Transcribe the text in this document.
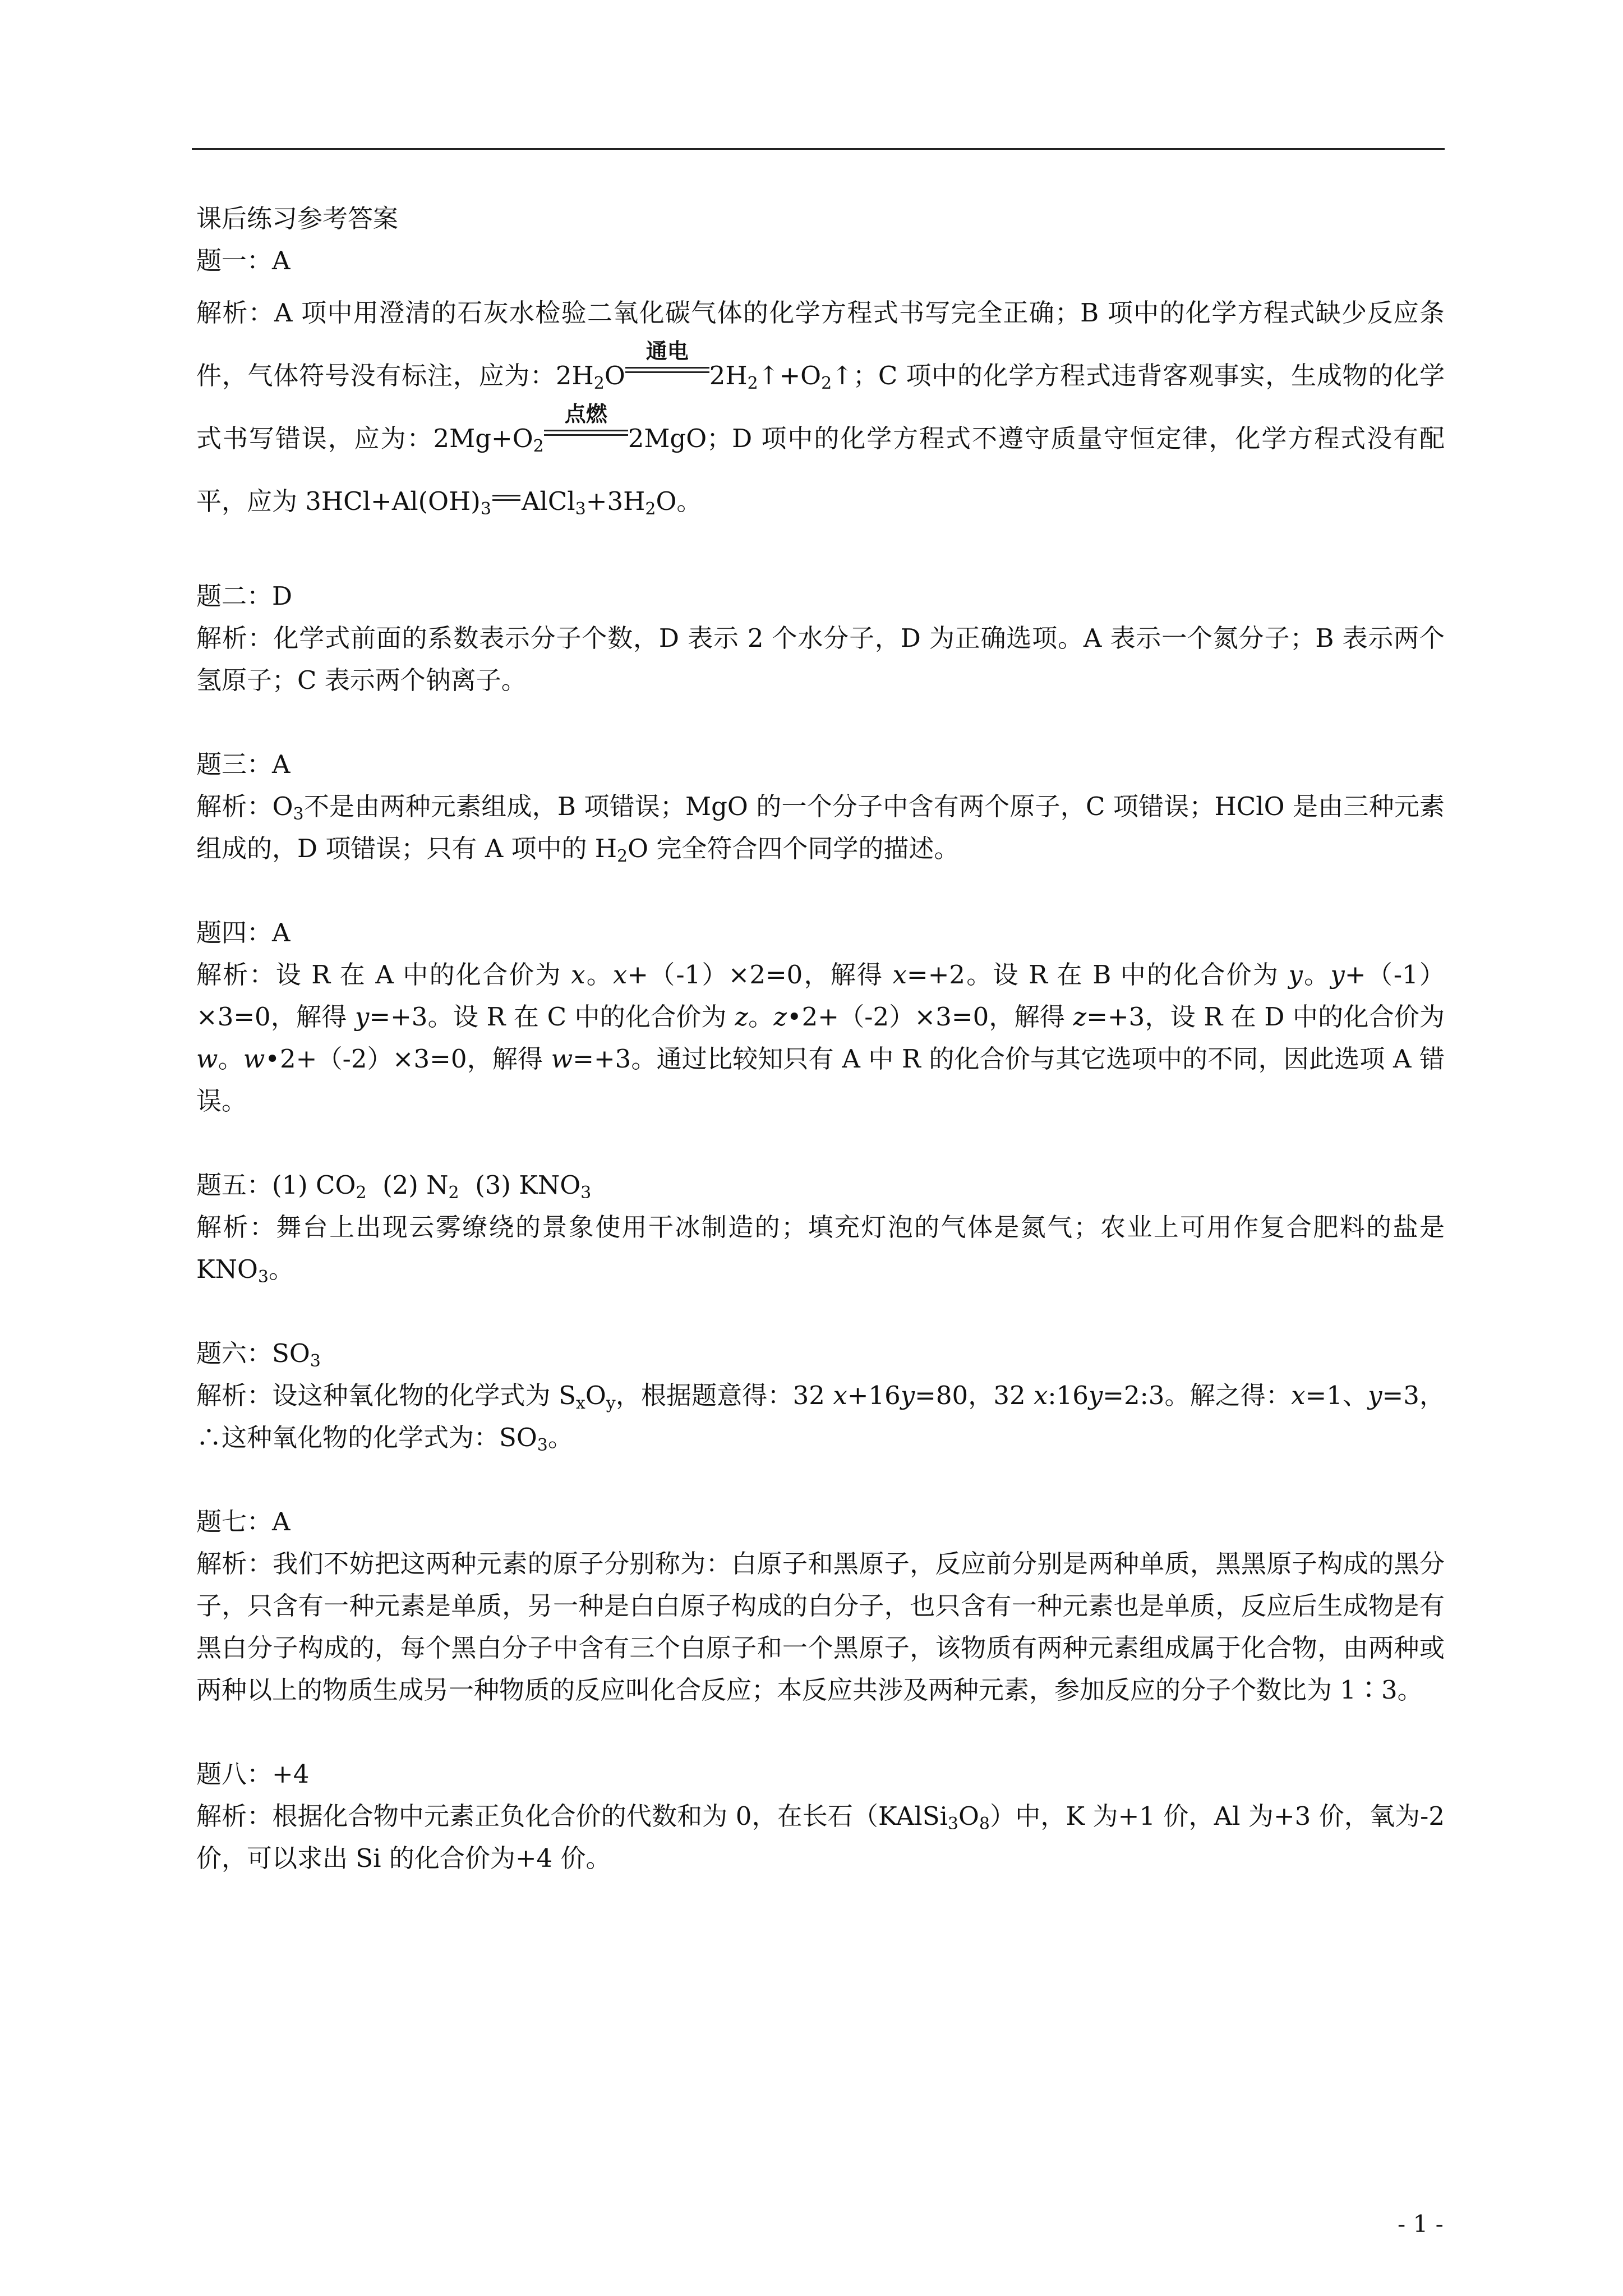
课后练习参考答案

题一：A

解析：A 项中用澄清的石灰水检验二氧化碳气体的化学方程式书写完全正确；B 项中的化学方程式缺少反应条件，气体符号没有标注，应为：$2H_2O$
通电
$2H_2↑+O_2↑$；C 项中的化学方程式违背客观事实，生成物的化学式书写错误，应为：$2Mg+O_2$
点燃
2MgO；D 项中的化学方程式不遵守质量守恒定律，化学方程式没有配平，应为 $3HCl+Al(OH)_3$ $AlCl_3+3H_2O$。

题二：D

解析：化学式前面的系数表示分子个数，D 表示 2 个水分子，D 为正确选项。A 表示一个氮分子；B 表示两个氢原子；C 表示两个钠离子。

题三：A

解析：$O_3$不是由两种元素组成，B 项错误；MgO 的一个分子中含有两个原子，C 项错误；HClO 是由三种元素组成的，D 项错误；只有 A 项中的 $H_2O$ 完全符合四个同学的描述。

题四：A

解析：设 R 在 A 中的化合价为 x。x+（-1）×2=0，解得 x=+2。设 R 在 B 中的化合价为 y。y+（-1）×3=0，解得 y=+3。设 R 在 C 中的化合价为 z。z•2+（-2）×3=0，解得 z=+3，设 R 在 D 中的化合价为 w。w•2+（-2）×3=0，解得 w=+3。通过比较知只有 A 中 R 的化合价与其它选项中的不同，因此选项 A 错误。

题五：(1) $CO_2$  (2) $N_2$  (3) $KNO_3$

解析：舞台上出现云雾缭绕的景象使用干冰制造的；填充灯泡的气体是氮气；农业上可用作复合肥料的盐是 $KNO_3$。

题六：$SO_3$

解析：设这种氧化物的化学式为 $S_xO_y$，根据题意得：32 x+16y=80，32 x:16y=2:3。解之得：x=1、y=3，∴这种氧化物的化学式为：$SO_3$。

题七：A

解析：我们不妨把这两种元素的原子分别称为：白原子和黑原子，反应前分别是两种单质，黑黑原子构成的黑分子，只含有一种元素是单质，另一种是白白原子构成的白分子，也只含有一种元素也是单质，反应后生成物是有黑白分子构成的，每个黑白分子中含有三个白原子和一个黑原子，该物质有两种元素组成属于化合物，由两种或两种以上的物质生成另一种物质的反应叫化合反应；本反应共涉及两种元素，参加反应的分子个数比为 1∶3。

题八：+4

解析：根据化合物中元素正负化合价的代数和为 0，在长石$(KAlSi_3O_8)$中，K 为+1 价，Al 为+3 价，氧为-2 价，可以求出 Si 的化合价为+4 价。

- 1 -
